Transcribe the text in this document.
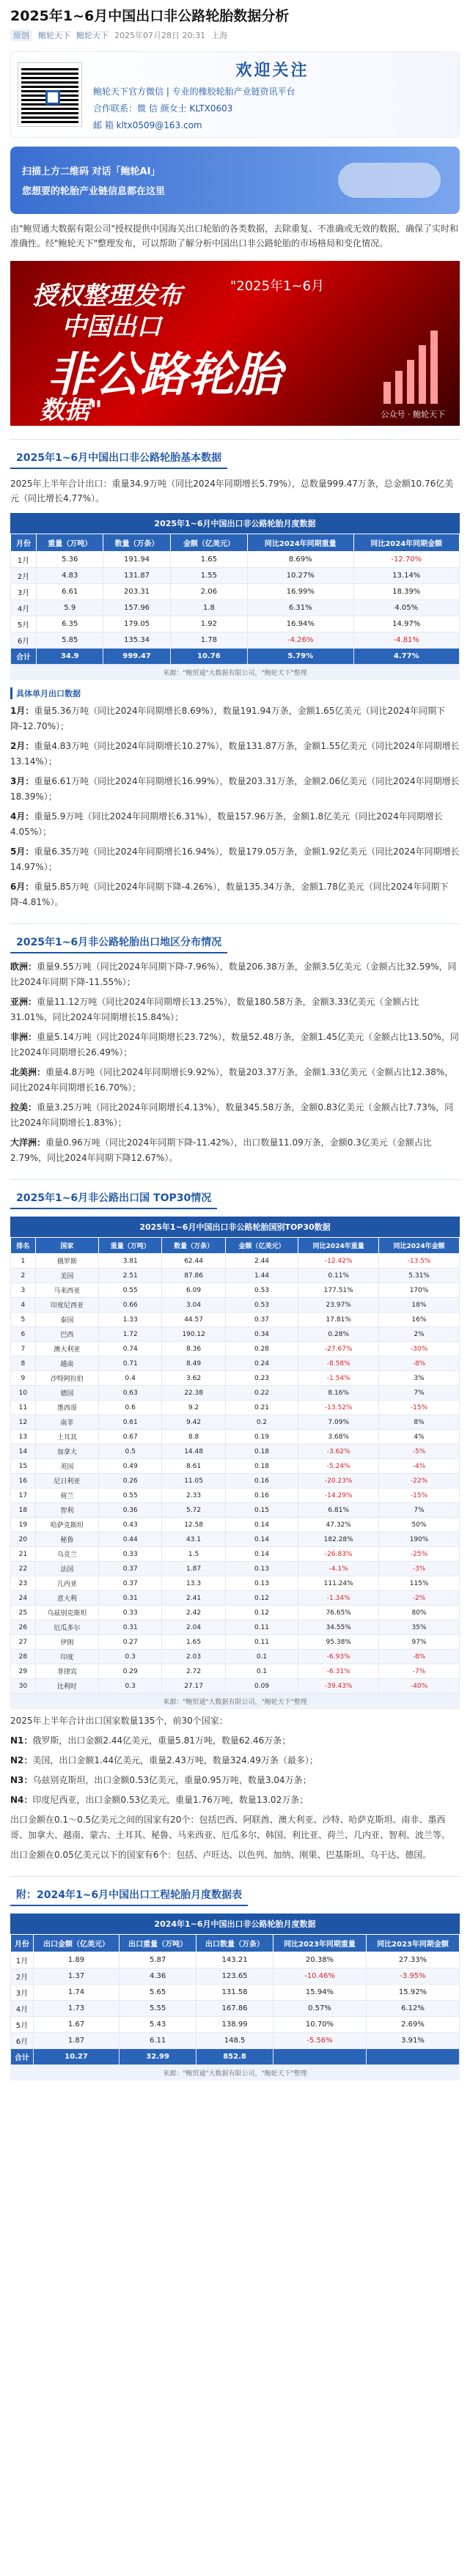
2025年1~6月中国出口非公路轮胎数据分析
原创	鲍轮天下 鲍轮天下 2025年07月28日 20:31 上海
欢迎关注
鲍轮天下官方微信 | 专业的橡胶轮胎产业链资讯平台
合作联系：微 信 颜女士 KLTX0603
邮 箱 kltx0509@163.com
扫描上方二维码 对话「鲍轮AI」
您想要的轮胎产业链信息都在这里
由"鲍贸通大数据有限公司"授权提供中国海关出口轮胎的各类数据，去除重复、不准确或无效的数据，确保了实时和准确性。经"鲍轮天下"整理发布，可以帮助了解分析中国出口非公路轮胎的市场格局和变化情况。
授权整理发布	"2025年1~6月
中国出口
非公路轮胎
数据"	公众号 · 鲍轮天下
2025年1~6月中国出口非公路轮胎基本数据
2025年上半年合计出口：重量34.9万吨（同比2024年同期增长5.79%），总数量999.47万条，总金额10.76亿美元（同比增长4.77%）。
2025年1~6月中国出口非公路轮胎月度数据
月份	重量（万吨）	数量（万条）	金额（亿美元）	同比2024年同期重量	同比2024年同期金额
1月	5.36	191.94	1.65	8.69%	-12.70%
2月	4.83	131.87	1.55	10.27%	13.14%
3月	6.61	203.31	2.06	16.99%	18.39%
4月	5.9	157.96	1.8	6.31%	4.05%
5月	6.35	179.05	1.92	16.94%	14.97%
6月	5.85	135.34	1.78	-4.26%	-4.81%
合计	34.9	999.47	10.76	5.79%	4.77%
来源："鲍贸通"大数据有限公司，"鲍轮天下"整理
具体单月出口数据
1月：重量5.36万吨（同比2024年同期增长8.69%），数量191.94万条，金额1.65亿美元（同比2024年同期下降-12.70%）；
2月：重量4.83万吨（同比2024年同期增长10.27%），数量131.87万条，金额1.55亿美元（同比2024年同期增长13.14%）；
3月：重量6.61万吨（同比2024年同期增长16.99%），数量203.31万条，金额2.06亿美元（同比2024年同期增长18.39%）；
4月：重量5.9万吨（同比2024年同期增长6.31%），数量157.96万条，金额1.8亿美元（同比2024年同期增长4.05%）；
5月：重量6.35万吨（同比2024年同期增长16.94%），数量179.05万条，金额1.92亿美元（同比2024年同期增长14.97%）；
6月：重量5.85万吨（同比2024年同期下降-4.26%），数量135.34万条，金额1.78亿美元（同比2024年同期下降-4.81%）。
2025年1~6月非公路轮胎出口地区分布情况
欧洲：重量9.55万吨（同比2024年同期下降-7.96%），数量206.38万条，金额3.5亿美元（金额占比32.59%，同比2024年同期下降-11.55%）；
亚洲：重量11.12万吨（同比2024年同期增长13.25%），数量180.58万条，金额3.33亿美元（金额占比31.01%，同比2024年同期增长15.84%）；
非洲：重量5.14万吨（同比2024年同期增长23.72%），数量52.48万条，金额1.45亿美元（金额占比13.50%，同比2024年同期增长26.49%）；
北美洲：重量4.8万吨（同比2024年同期增长9.92%），数量203.37万条，金额1.33亿美元（金额占比12.38%，同比2024年同期增长16.70%）；
拉美：重量3.25万吨（同比2024年同期增长4.13%），数量345.58万条，金额0.83亿美元（金额占比7.73%，同比2024年同期增长1.83%）；
大洋洲：重量0.96万吨（同比2024年同期下降-11.42%），出口数量11.09万条，金额0.3亿美元（金额占比2.79%，同比2024年同期下降12.67%）。
2025年1~6月非公路出口国 TOP30情况
2025年1~6月中国出口非公路轮胎国别TOP30数据
排名	国家	重量（万吨）	数量（万条）	金额（亿美元）	同比2024年重量	同比2024年金额
1	俄罗斯	3.81	62.44	2.44	-12.42%	-13.5%
2	美国	2.51	87.86	1.44	0.11%	5.31%
3	马来西亚	0.55	6.09	0.53	177.51%	170%
4	印度尼西亚	0.66	3.04	0.53	23.97%	18%
5	泰国	1.33	44.57	0.37	17.81%	16%
6	巴西	1.72	190.12	0.34	0.28%	2%
7	澳大利亚	0.74	8.36	0.28	-27.67%	-30%
8	越南	0.71	8.49	0.24	-8.58%	-8%
9	沙特阿拉伯	0.4	3.62	0.23	-1.54%	3%
10	德国	0.63	22.38	0.22	8.16%	7%
11	墨西哥	0.6	9.2	0.21	-13.52%	-15%
12	南非	0.61	9.42	0.2	7.09%	8%
13	土耳其	0.67	8.8	0.19	3.68%	4%
14	加拿大	0.5	14.48	0.18	-3.62%	-5%
15	英国	0.49	8.61	0.18	-5.24%	-4%
16	尼日利亚	0.26	11.05	0.16	-20.23%	-22%
17	荷兰	0.55	2.33	0.16	-14.29%	-15%
18	智利	0.36	5.72	0.15	6.81%	7%
19	哈萨克斯坦	0.43	12.58	0.14	47.32%	50%
20	秘鲁	0.44	43.1	0.14	182.28%	190%
21	乌克兰	0.33	1.5	0.14	-26.83%	-25%
22	法国	0.37	1.87	0.13	-4.1%	-3%
23	几内亚	0.37	13.3	0.13	111.24%	115%
24	意大利	0.31	2.41	0.12	-1.34%	-2%
25	乌兹别克斯坦	0.33	2.42	0.12	76.65%	80%
26	厄瓜多尔	0.31	2.04	0.11	34.55%	35%
27	伊朗	0.27	1.65	0.11	95.38%	97%
28	印度	0.3	2.03	0.1	-6.93%	-8%
29	菲律宾	0.29	2.72	0.1	-6.31%	-7%
30	比利时	0.3	27.17	0.09	-39.43%	-40%
来源："鲍贸通"大数据有限公司，"鲍轮天下"整理
2025年上半年合计出口国家数量135个，前30个国家：
N1：俄罗斯，出口金额2.44亿美元，重量5.81万吨，数量62.46万条；
N2：美国，出口金额1.44亿美元，重量2.43万吨，数量324.49万条（最多）；
N3：乌兹别克斯坦，出口金额0.53亿美元，重量0.95万吨，数量3.04万条；
N4：印度尼西亚，出口金额0.53亿美元，重量1.76万吨，数量13.02万条；
出口金额在0.1～0.5亿美元之间的国家有20个：包括巴西、阿联酋、澳大利亚、沙特、哈萨克斯坦、南非、墨西哥、加拿大、越南、蒙古、土耳其、秘鲁、马来西亚、厄瓜多尔、韩国、利比亚、荷兰、几内亚、智利、波兰等。
出口金额在0.05亿美元以下的国家有6个：包括、卢旺达、以色列、加纳、刚果、巴基斯坦、乌干达、德国。
附：2024年1~6月中国出口工程轮胎月度数据表
2024年1~6月中国出口非公路轮胎月度数据
月份	出口金额（亿美元）	出口重量（万吨）	出口数量（万条）	同比2023年同期重量	同比2023年同期金额
1月	1.89	5.87	143.21	20.38%	27.33%
2月	1.37	4.36	123.65	-10.46%	-3.95%
3月	1.74	5.65	131.58	15.94%	15.92%
4月	1.73	5.55	167.86	0.57%	6.12%
5月	1.67	5.43	138.99	10.70%	2.69%
6月	1.87	6.11	148.5	-5.56%	3.91%
合计	10.27	32.99	852.8		
来源："鲍贸通"大数据有限公司，"鲍轮天下"整理
